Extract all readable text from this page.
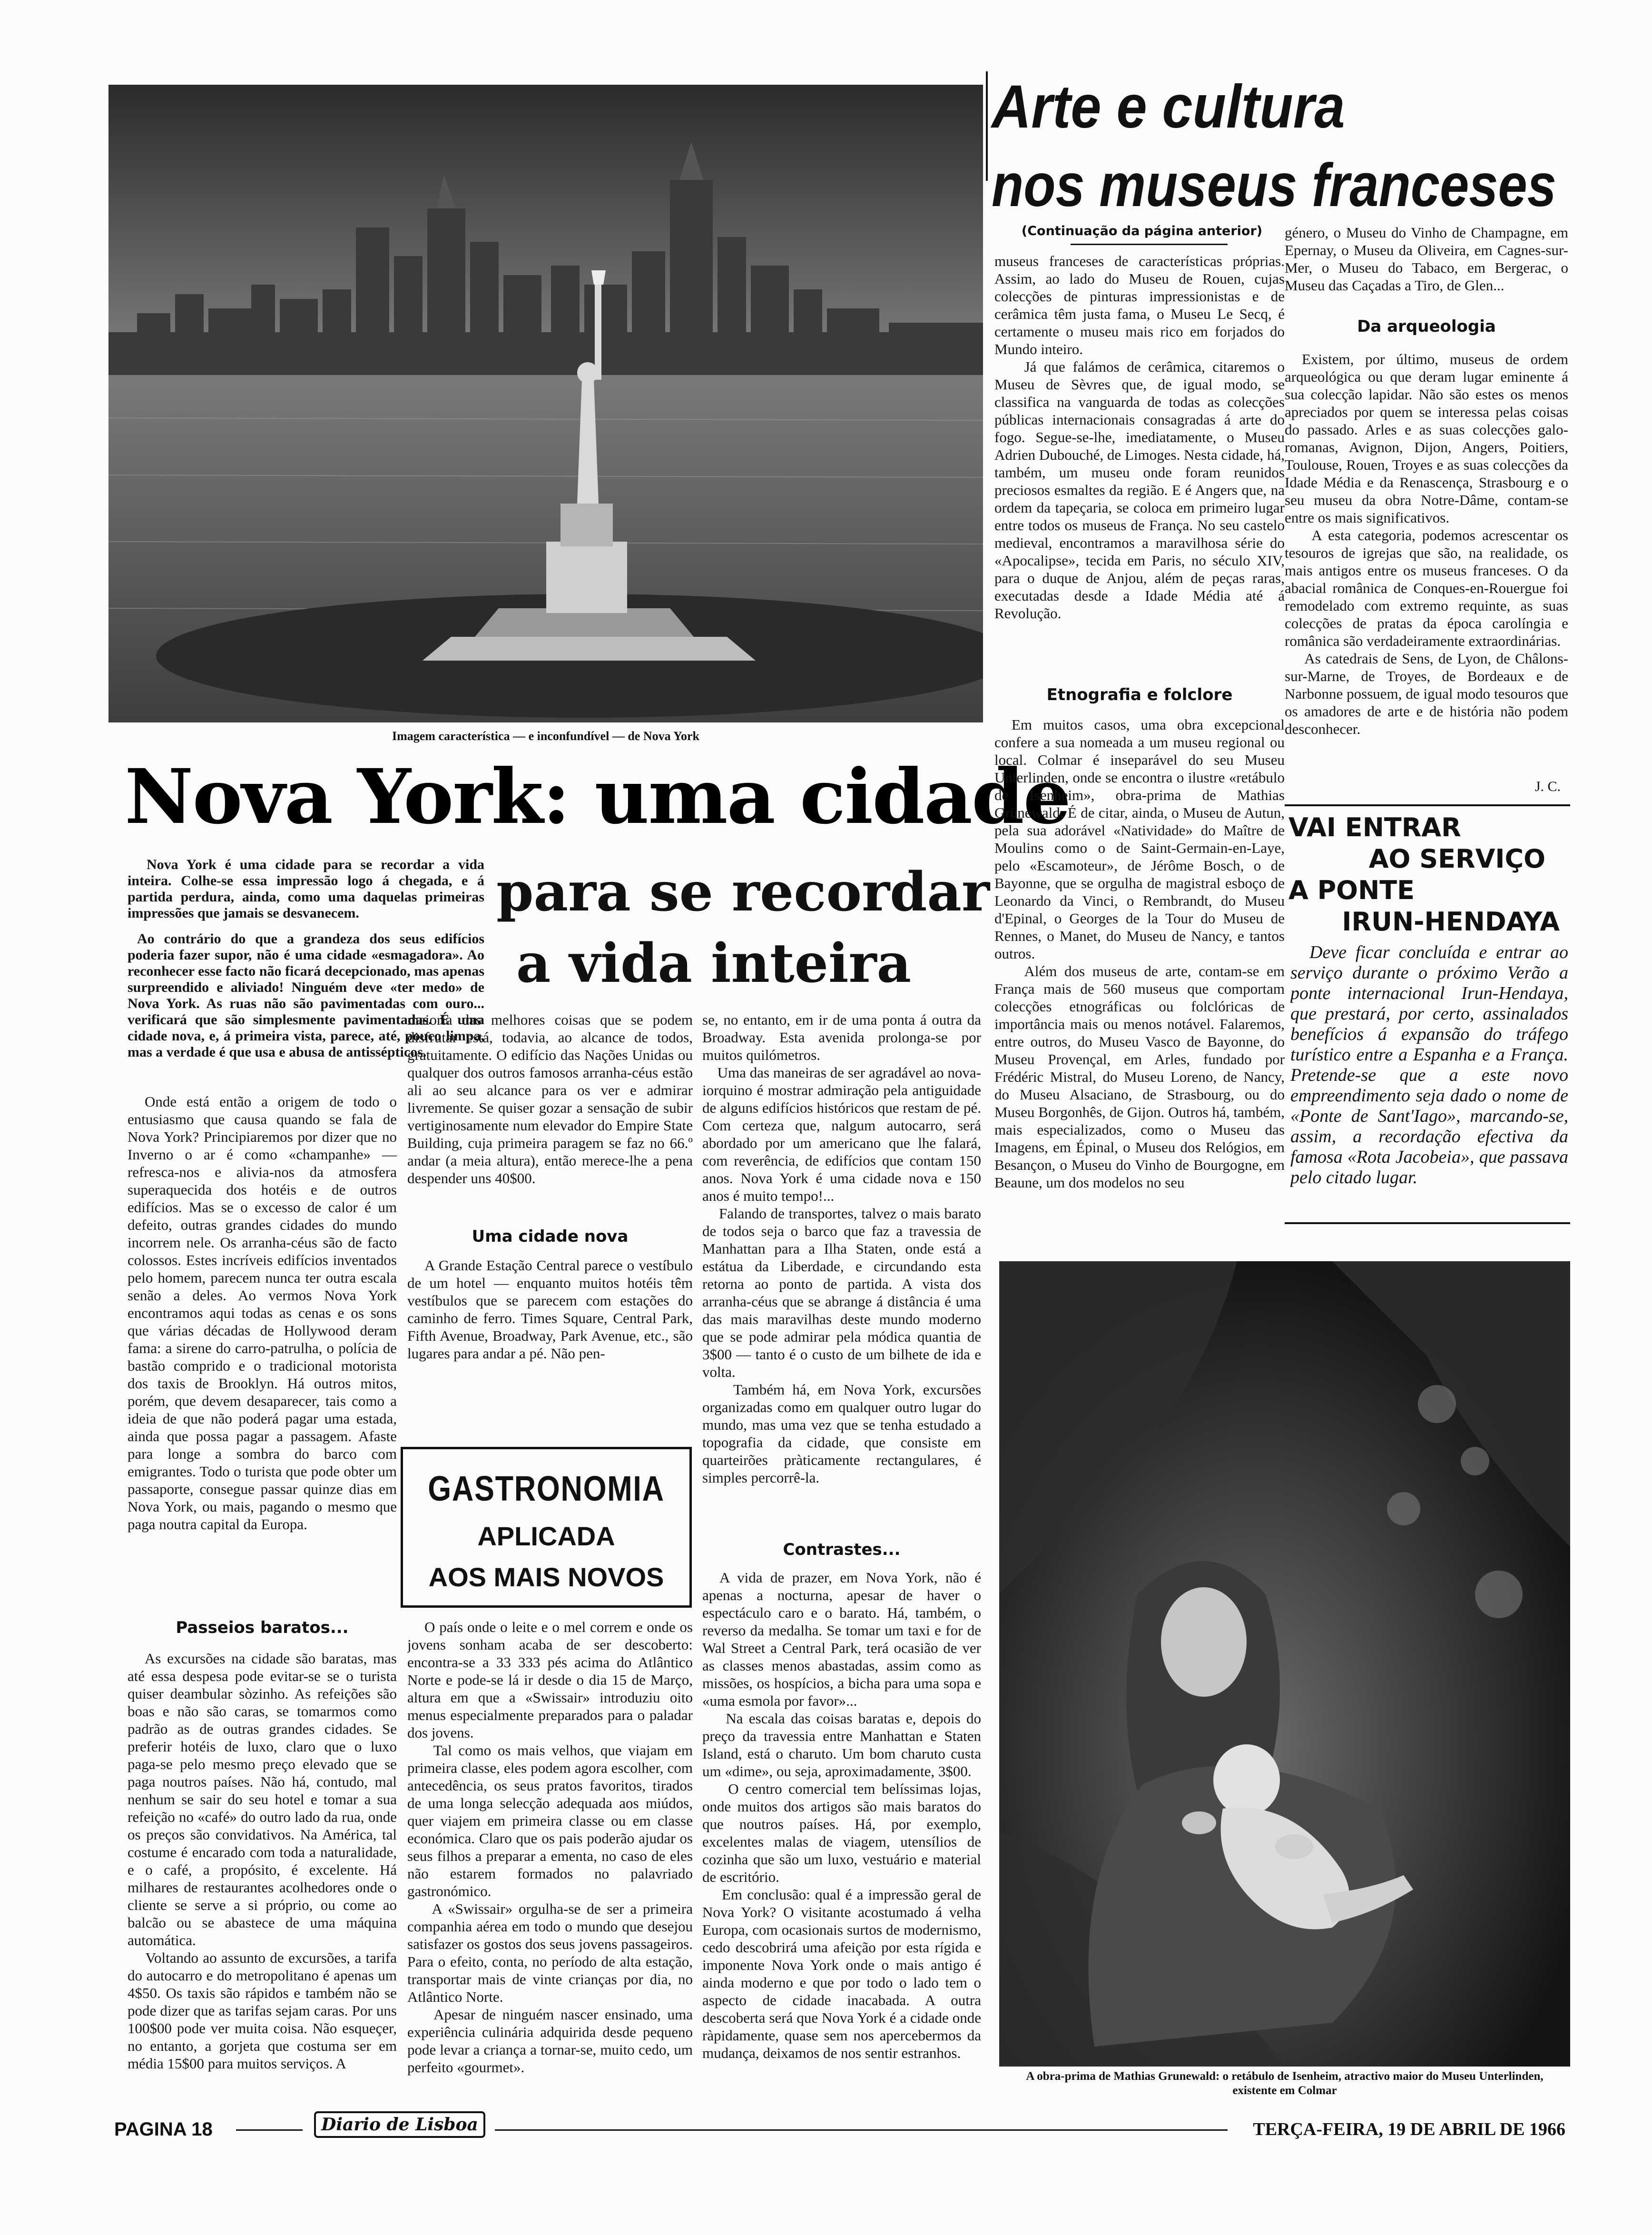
Imagem característica — e inconfundível — de Nova York
Nova York: uma cidade
Nova York é uma cidade para se recordar a vida inteira. Colhe-se essa impressão logo á chegada, e á partida perdura, ainda, como uma daquelas primeiras impressões que jamais se desvanecem.
Ao contrário do que a grandeza dos seus edifícios poderia fazer supor, não é uma cidade «esmagadora». Ao reconhecer esse facto não ficará decepcionado, mas apenas surpreendido e aliviado! Ninguém deve «ter medo» de Nova York. As ruas não são pavimentadas com ouro... verificará que são simplesmente pavimentadas. É uma cidade nova, e, á primeira vista, parece, até, pouco limpa, mas a verdade é que usa e abusa de antissépticos.
para se recordar
a vida inteira
Onde está então a origem de todo o entusiasmo que causa quando se fala de Nova York? Principiaremos por dizer que no Inverno o ar é como «champanhe» — refresca-nos e alivia-nos da atmosfera superaquecida dos hotéis e de outros edifícios. Mas se o excesso de calor é um defeito, outras grandes cidades do mundo incorrem nele. Os arranha-céus são de facto colossos. Estes incríveis edifícios inventados pelo homem, parecem nunca ter outra escala senão a deles. Ao vermos Nova York encontramos aqui todas as cenas e os sons que várias décadas de Hollywood deram fama: a sirene do carro-patrulha, o polícia de bastão comprido e o tradicional motorista dos taxis de Brooklyn. Há outros mitos, porém, que devem desaparecer, tais como a ideia de que não poderá pagar uma estada, ainda que possa pagar a passagem. Afaste para longe a sombra do barco com emigrantes. Todo o turista que pode obter um passaporte, consegue passar quinze dias em Nova York, ou mais, pagando o mesmo que paga noutra capital da Europa.
Passeios baratos...
As excursões na cidade são baratas, mas até essa despesa pode evitar-se se o turista quiser deambular sòzinho. As refeições são boas e não são caras, se tomarmos como padrão as de outras grandes cidades. Se preferir hotéis de luxo, claro que o luxo paga-se pelo mesmo preço elevado que se paga noutros países. Não há, contudo, mal nenhum se sair do seu hotel e tomar a sua refeição no «café» do outro lado da rua, onde os preços são convidativos. Na América, tal costume é encarado com toda a naturalidade, e o café, a propósito, é excelente. Há milhares de restaurantes acolhedores onde o cliente se serve a si próprio, ou come ao balcão ou se abastece de uma máquina automática.
Voltando ao assunto de excursões, a tarifa do autocarro e do metropolitano é apenas um 4$50. Os taxis são rápidos e também não se pode dizer que as tarifas sejam caras. Por uns 100$00 pode ver muita coisa. Não esqueçer, no entanto, a gorjeta que costuma ser em média 15$00 para muitos serviços. A
maioria das melhores coisas que se podem disfrutar está, todavia, ao alcance de todos, gratuitamente. O edifício das Nações Unidas ou qualquer dos outros famosos arranha-céus estão ali ao seu alcance para os ver e admirar livremente. Se quiser gozar a sensação de subir vertiginosamente num elevador do Empire State Building, cuja primeira paragem se faz no 66.º andar (a meia altura), então merece-lhe a pena despender uns 40$00.
Uma cidade nova
A Grande Estação Central parece o vestíbulo de um hotel — enquanto muitos hotéis têm vestíbulos que se parecem com estações do caminho de ferro. Times Square, Central Park, Fifth Avenue, Broadway, Park Avenue, etc., são lugares para andar a pé. Não pen-
GASTRONOMIA
APLICADA
AOS MAIS NOVOS
O país onde o leite e o mel correm e onde os jovens sonham acaba de ser descoberto: encontra-se a 33 333 pés acima do Atlântico Norte e pode-se lá ir desde o dia 15 de Março, altura em que a «Swissair» introduziu oito menus especialmente preparados para o paladar dos jovens.
Tal como os mais velhos, que viajam em primeira classe, eles podem agora escolher, com antecedência, os seus pratos favoritos, tirados de uma longa selecção adequada aos miúdos, quer viajem em primeira classe ou em classe económica. Claro que os pais poderão ajudar os seus filhos a preparar a ementa, no caso de eles não estarem formados no palavriado gastronómico.
A «Swissair» orgulha-se de ser a primeira companhia aérea em todo o mundo que desejou satisfazer os gostos dos seus jovens passageiros. Para o efeito, conta, no período de alta estação, transportar mais de vinte crianças por dia, no Atlântico Norte.
Apesar de ninguém nascer ensinado, uma experiência culinária adquirida desde pequeno pode levar a criança a tornar-se, muito cedo, um perfeito «gourmet».
se, no entanto, em ir de uma ponta á outra da Broadway. Esta avenida prolonga-se por muitos quilómetros.
Uma das maneiras de ser agradável ao nova-iorquino é mostrar admiração pela antiguidade de alguns edifícios históricos que restam de pé. Com certeza que, nalgum autocarro, será abordado por um americano que lhe falará, com reverência, de edifícios que contam 150 anos. Nova York é uma cidade nova e 150 anos é muito tempo!...
Falando de transportes, talvez o mais barato de todos seja o barco que faz a travessia de Manhattan para a Ilha Staten, onde está a estátua da Liberdade, e circundando esta retorna ao ponto de partida. A vista dos arranha-céus que se abrange á distância é uma das mais maravilhas deste mundo moderno que se pode admirar pela módica quantia de 3$00 — tanto é o custo de um bilhete de ida e volta.
Também há, em Nova York, excursões organizadas como em qualquer outro lugar do mundo, mas uma vez que se tenha estudado a topografia da cidade, que consiste em quarteirões pràticamente rectangulares, é simples percorrê-la.
Contrastes...
A vida de prazer, em Nova York, não é apenas a nocturna, apesar de haver o espectáculo caro e o barato. Há, também, o reverso da medalha. Se tomar um taxi e for de Wal Street a Central Park, terá ocasião de ver as classes menos abastadas, assim como as missões, os hospícios, a bicha para uma sopa e «uma esmola por favor»...
Na escala das coisas baratas e, depois do preço da travessia entre Manhattan e Staten Island, está o charuto. Um bom charuto custa um «dime», ou seja, aproximadamente, 3$00.
O centro comercial tem belíssimas lojas, onde muitos dos artigos são mais baratos do que noutros países. Há, por exemplo, excelentes malas de viagem, utensílios de cozinha que são um luxo, vestuário e material de escritório.
Em conclusão: qual é a impressão geral de Nova York? O visitante acostumado á velha Europa, com ocasionais surtos de modernismo, cedo descobrirá uma afeição por esta rígida e imponente Nova York onde o mais antigo é ainda moderno e que por todo o lado tem o aspecto de cidade inacabada. A outra descoberta será que Nova York é a cidade onde ràpidamente, quase sem nos apercebermos da mudança, deixamos de nos sentir estranhos.
Arte e cultura
nos museus franceses
(Continuação da página anterior)
museus franceses de características próprias. Assim, ao lado do Museu de Rouen, cujas colecções de pinturas impressionistas e de cerâmica têm justa fama, o Museu Le Secq, é certamente o museu mais rico em forjados do Mundo inteiro.
Já que falámos de cerâmica, citaremos o Museu de Sèvres que, de igual modo, se classifica na vanguarda de todas as colecções públicas internacionais consagradas á arte do fogo. Segue-se-lhe, imediatamente, o Museu Adrien Dubouché, de Limoges. Nesta cidade, há, também, um museu onde foram reunidos preciosos esmaltes da região. E é Angers que, na ordem da tapeçaria, se coloca em primeiro lugar entre todos os museus de França. No seu castelo medieval, encontramos a maravilhosa série do «Apocalipse», tecida em Paris, no século XIV, para o duque de Anjou, além de peças raras, executadas desde a Idade Média até á Revolução.
Etnografia e folclore
Em muitos casos, uma obra excepcional confere a sua nomeada a um museu regional ou local. Colmar é inseparável do seu Museu Unterlinden, onde se encontra o ilustre «retábulo de Isenheim», obra-prima de Mathias Grünewald. É de citar, ainda, o Museu de Autun, pela sua adorável «Natividade» do Maître de Moulins como o de Saint-Germain-en-Laye, pelo «Escamoteur», de Jérôme Bosch, o de Bayonne, que se orgulha de magistral esboço de Leonardo da Vinci, o Rembrandt, do Museu d'Epinal, o Georges de la Tour do Museu de Rennes, o Manet, do Museu de Nancy, e tantos outros.
Além dos museus de arte, contam-se em França mais de 560 museus que comportam colecções etnográficas ou folclóricas de importância mais ou menos notável. Falaremos, entre outros, do Museu Vasco de Bayonne, do Museu Provençal, em Arles, fundado por Frédéric Mistral, do Museu Loreno, de Nancy, do Museu Alsaciano, de Strasbourg, ou do Museu Borgonhês, de Gijon. Outros há, também, mais especializados, como o Museu das Imagens, em Épinal, o Museu dos Relógios, em Besançon, o Museu do Vinho de Bourgogne, em Beaune, um dos modelos no seu
género, o Museu do Vinho de Champagne, em Epernay, o Museu da Oliveira, em Cagnes-sur-Mer, o Museu do Tabaco, em Bergerac, o Museu das Caçadas a Tiro, de Glen...
Da arqueologia
Existem, por último, museus de ordem arqueológica ou que deram lugar eminente á sua colecção lapidar. Não são estes os menos apreciados por quem se interessa pelas coisas do passado. Arles e as suas colecções galo-romanas, Avignon, Dijon, Angers, Poitiers, Toulouse, Rouen, Troyes e as suas colecções da Idade Média e da Renascença, Strasbourg e o seu museu da obra Notre-Dâme, contam-se entre os mais significativos.
A esta categoria, podemos acrescentar os tesouros de igrejas que são, na realidade, os mais antigos entre os museus franceses. O da abacial românica de Conques-en-Rouergue foi remodelado com extremo requinte, as suas colecções de pratas da época carolíngia e românica são verdadeiramente extraordinárias.
As catedrais de Sens, de Lyon, de Châlons-sur-Marne, de Troyes, de Bordeaux e de Narbonne possuem, de igual modo tesouros que os amadores de arte e de história não podem desconhecer.
J. C.
VAI ENTRAR
AO SERVIÇO
A PONTE
IRUN-HENDAYA
Deve ficar concluída e entrar ao serviço durante o próximo Verão a ponte internacional Irun-Hendaya, que prestará, por certo, assinalados benefícios á expansão do tráfego turístico entre a Espanha e a França. Pretende-se que a este novo empreendimento seja dado o nome de «Ponte de Sant'Iago», marcando-se, assim, a recordação efectiva da famosa «Rota Jacobeia», que passava pelo citado lugar.
A obra-prima de Mathias Grunewald: o retábulo de Isenheim, atractivo maior do Museu Unterlinden, existente em Colmar
PAGINA 18	Diario de Lisboa	TERÇA-FEIRA, 19 DE ABRIL DE 1966
